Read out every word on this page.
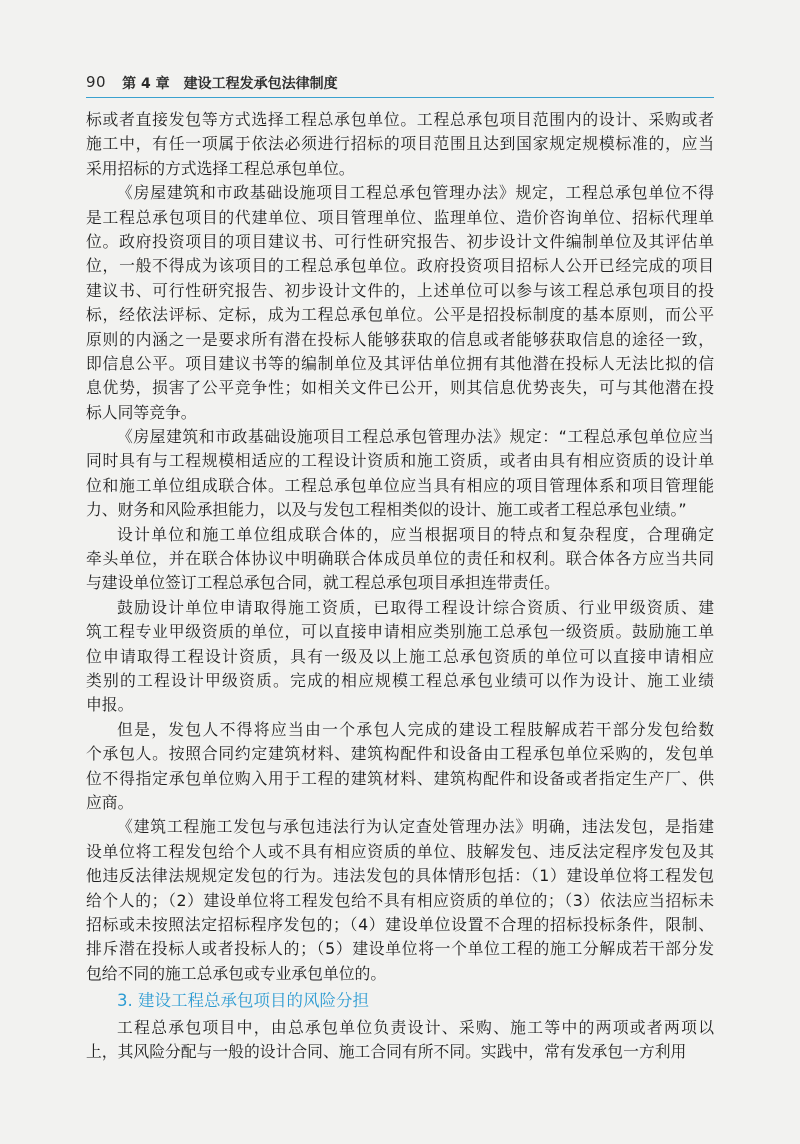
90 第 4 章 建设工程发承包法律制度
标或者直接发包等方式选择工程总承包单位。工程总承包项目范围内的设计、采购或者
施工中，有任一项属于依法必须进行招标的项目范围且达到国家规定规模标准的，应当
采用招标的方式选择工程总承包单位。
《房屋建筑和市政基础设施项目工程总承包管理办法》规定，工程总承包单位不得
是工程总承包项目的代建单位、项目管理单位、监理单位、造价咨询单位、招标代理单
位。政府投资项目的项目建议书、可行性研究报告、初步设计文件编制单位及其评估单
位，一般不得成为该项目的工程总承包单位。政府投资项目招标人公开已经完成的项目
建议书、可行性研究报告、初步设计文件的，上述单位可以参与该工程总承包项目的投
标，经依法评标、定标，成为工程总承包单位。公平是招投标制度的基本原则，而公平
原则的内涵之一是要求所有潜在投标人能够获取的信息或者能够获取信息的途径一致，
即信息公平。项目建议书等的编制单位及其评估单位拥有其他潜在投标人无法比拟的信
息优势，损害了公平竞争性；如相关文件已公开，则其信息优势丧失，可与其他潜在投
标人同等竞争。
《房屋建筑和市政基础设施项目工程总承包管理办法》规定：“工程总承包单位应当
同时具有与工程规模相适应的工程设计资质和施工资质，或者由具有相应资质的设计单
位和施工单位组成联合体。工程总承包单位应当具有相应的项目管理体系和项目管理能
力、财务和风险承担能力，以及与发包工程相类似的设计、施工或者工程总承包业绩。”
设计单位和施工单位组成联合体的，应当根据项目的特点和复杂程度，合理确定
牵头单位，并在联合体协议中明确联合体成员单位的责任和权利。联合体各方应当共同
与建设单位签订工程总承包合同，就工程总承包项目承担连带责任。
鼓励设计单位申请取得施工资质，已取得工程设计综合资质、行业甲级资质、建
筑工程专业甲级资质的单位，可以直接申请相应类别施工总承包一级资质。鼓励施工单
位申请取得工程设计资质，具有一级及以上施工总承包资质的单位可以直接申请相应
类别的工程设计甲级资质。完成的相应规模工程总承包业绩可以作为设计、施工业绩
申报。
但是，发包人不得将应当由一个承包人完成的建设工程肢解成若干部分发包给数
个承包人。按照合同约定建筑材料、建筑构配件和设备由工程承包单位采购的，发包单
位不得指定承包单位购入用于工程的建筑材料、建筑构配件和设备或者指定生产厂、供
应商。
《建筑工程施工发包与承包违法行为认定查处管理办法》明确，违法发包，是指建
设单位将工程发包给个人或不具有相应资质的单位、肢解发包、违反法定程序发包及其
他违反法律法规规定发包的行为。违法发包的具体情形包括：（1）建设单位将工程发包
给个人的；（2）建设单位将工程发包给不具有相应资质的单位的；（3）依法应当招标未
招标或未按照法定招标程序发包的；（4）建设单位设置不合理的招标投标条件，限制、
排斥潜在投标人或者投标人的；（5）建设单位将一个单位工程的施工分解成若干部分发
包给不同的施工总承包或专业承包单位的。
3. 建设工程总承包项目的风险分担
工程总承包项目中，由总承包单位负责设计、采购、施工等中的两项或者两项以
上，其风险分配与一般的设计合同、施工合同有所不同。实践中，常有发承包一方利用
